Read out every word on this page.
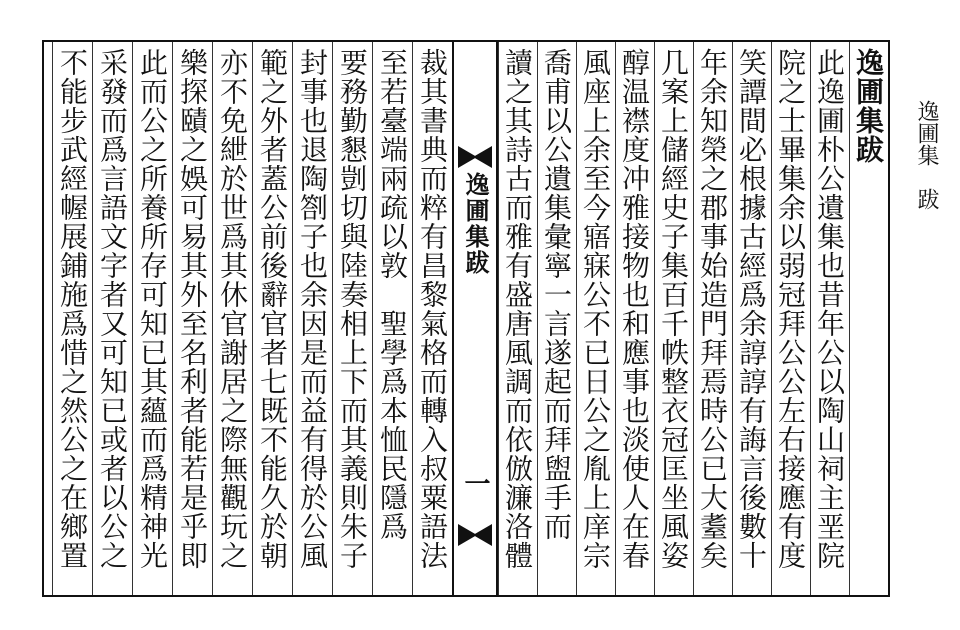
逸圃集跋
一
逸圃集跋
此逸圃朴公遺集也昔年公以陶山祠主垩院
院之士畢集余以弱冠拜公公左右接應有度
笑譚間必根據古經爲余諄諄有誨言後數十
年余知榮之郡事始造門拜焉時公已大耋矣
几案上儲經史子集百千帙整衣冠匡坐風姿
醇温襟度冲雅接物也和應事也淡使人在春
風座上余至今寤寐公不已日公之胤上庠宗
喬甫以公遺集彙寧一言遂起而拜盥手而
讀之其詩古而雅有盛唐風調而依倣濂洛體
裁其書典而粹有昌黎氣格而轉入叔粟語法
至若臺端兩疏以敦　聖學爲本恤民隱爲
要務勤懇剴切與陸奏相上下而其義則朱子
封事也退陶劄子也余因是而益有得於公風
範之外者蓋公前後辭官者七既不能久於朝
亦不免紲於世爲其休官謝居之際無觀玩之
樂探賾之娛可易其外至名利者能若是乎即
此而公之所養所存可知已其蘊而爲精神光
采發而爲言語文字者又可知已或者以公之
不能步武經幄展鋪施爲惜之然公之在鄉置	逸圃集　跋
